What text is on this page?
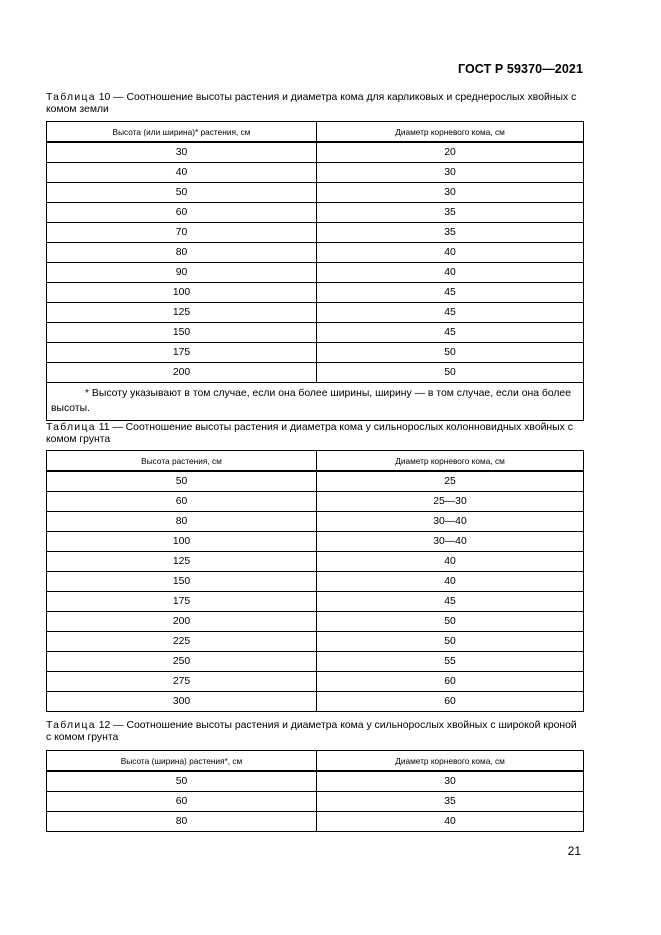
ГОСТ Р 59370—2021
Таблица 10 — Соотношение высоты растения и диаметра кома для карликовых и среднерослых хвойных с комом земли
Высота (или ширина)* растения, см	Диаметр корневого кома, см
30	20
40	30
50	30
60	35
70	35
80	40
90	40
100	45
125	45
150	45
175	50
200	50

* Высоту указывают в том случае, если она более ширины, ширину — в том случае, если она более высоты.	
Таблица 11 — Соотношение высоты растения и диаметра кома у сильнорослых колонновидных хвойных с комом грунта
Высота растения, см	Диаметр корневого кома, см
50	25
60	25—30
80	30—40
100	30—40
125	40
150	40
175	45
200	50
225	50
250	55
275	60
300	60
Таблица 12 — Соотношение высоты растения и диаметра кома у сильнорослых хвойных с широкой кроной с комом грунта
Высота (ширина) растения*, см	Диаметр корневого кома, см
50	30
60	35
80	40
21
